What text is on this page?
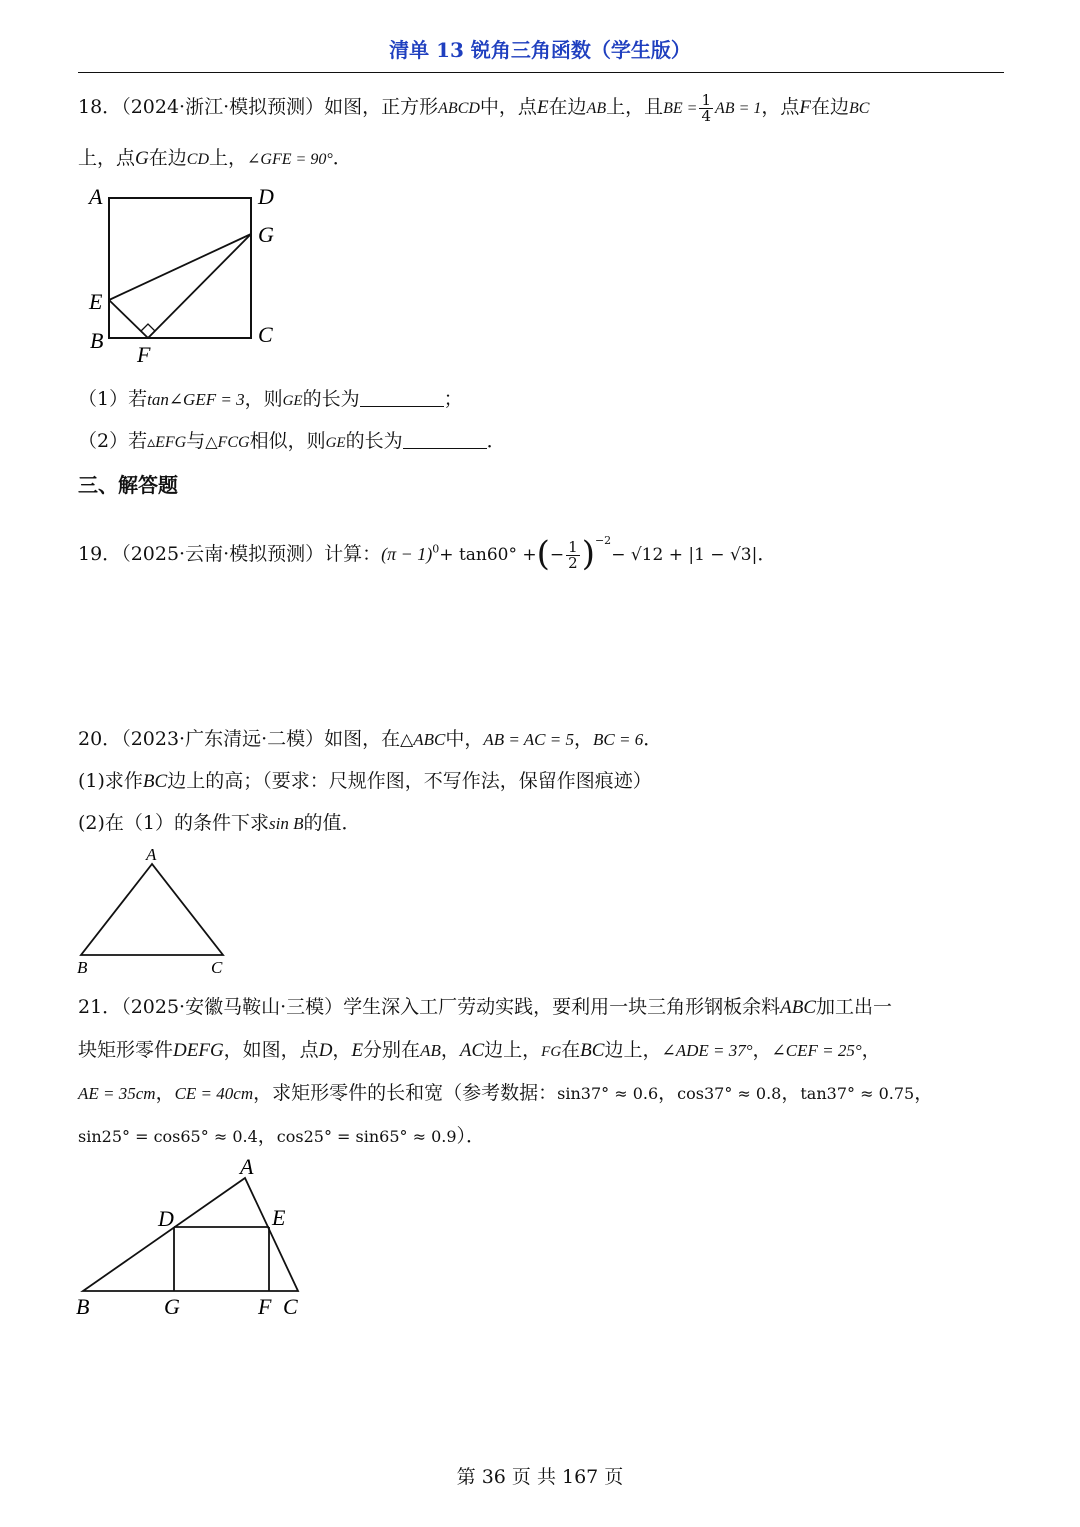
清单 13 锐角三角函数（学生版）
18．（2024·浙江·模拟预测）如图，正方形ABCD中，点E在边AB上，且BE = $\frac{1}{4}$ AB = 1，点F在边BC
上，点G在边CD上，∠GFE = 90°．
A	D
G
E
B
F
C
（1）若tan∠GEF = 3，则GE的长为	；
（2）若▵EFG与△FCG相似，则GE的长为	．
三、解答题
19．（2025·云南·模拟预测）计算：$(\pi - 1)^0+ \tan 60^\circ$ +(− $\frac{1}{2} )^{-2}- √12 + |1 - √3|$．
20．（2023·广东清远·二模）如图，在△ABC中，AB = AC = 5，BC = 6．
(1)求作BC边上的高；（要求：尺规作图，不写作法，保留作图痕迹）
(2)在（1）的条件下求sin B的值．
A
B	C
21．（2025·安徽马鞍山·三模）学生深入工厂劳动实践，要利用一块三角形钢板余料ABC加工出一
块矩形零件DEFG，如图，点D，E分别在AB，AC边上，FG在BC边上，∠ADE = 37°，∠CEF = 25°，
AE = 35cm，CE = 40cm，求矩形零件的长和宽（参考数据：sin37° ≈ 0.6，cos37° ≈ 0.8，tan37° ≈ 0.75，
sin25° = cos65° ≈ 0.4，cos25° = sin65° ≈ 0.9）．
A
D	E
B	G	F C
第 36 页 共 167 页
